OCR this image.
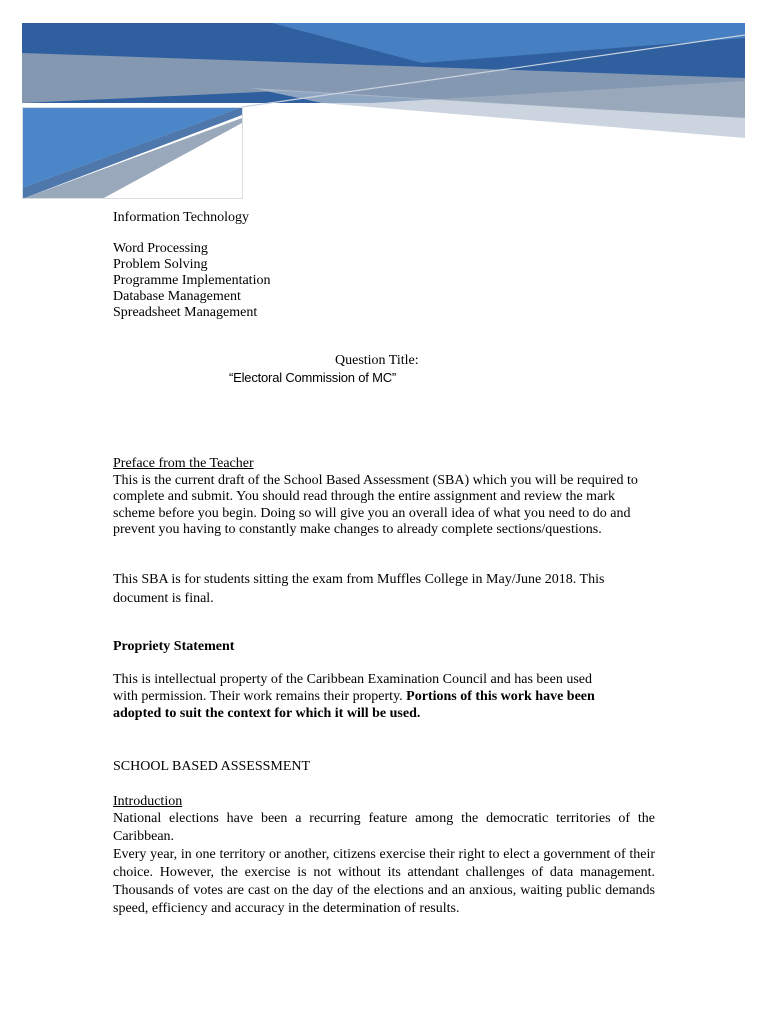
Information Technology

Word Processing

Problem Solving

Programme Implementation

Database Management

Spreadsheet Management

Question Title:
“Electoral Commission of MC”

Preface from the Teacher

This is the current draft of the School Based Assessment (SBA) which you will be required to

complete and submit. You should read through the entire assignment and review the mark

scheme before you begin. Doing so will give you an overall idea of what you need to do and

prevent you having to constantly make changes to already complete sections/questions.

This SBA is for students sitting the exam from Muffles College in May/June 2018. This

document is final.

Propriety Statement

This is intellectual property of the Caribbean Examination Council and has been used

with permission. Their work remains their property. Portions of this work have been

adopted to suit the context for which it will be used.

SCHOOL BASED ASSESSMENT

Introduction

National elections have been a recurring feature among the democratic territories of the Caribbean.

Every year, in one territory or another, citizens exercise their right to elect a government of their

choice. However, the exercise is not without its attendant challenges of data management.

Thousands of votes are cast on the day of the elections and an anxious, waiting public demands

speed, efficiency and accuracy in the determination of results.
